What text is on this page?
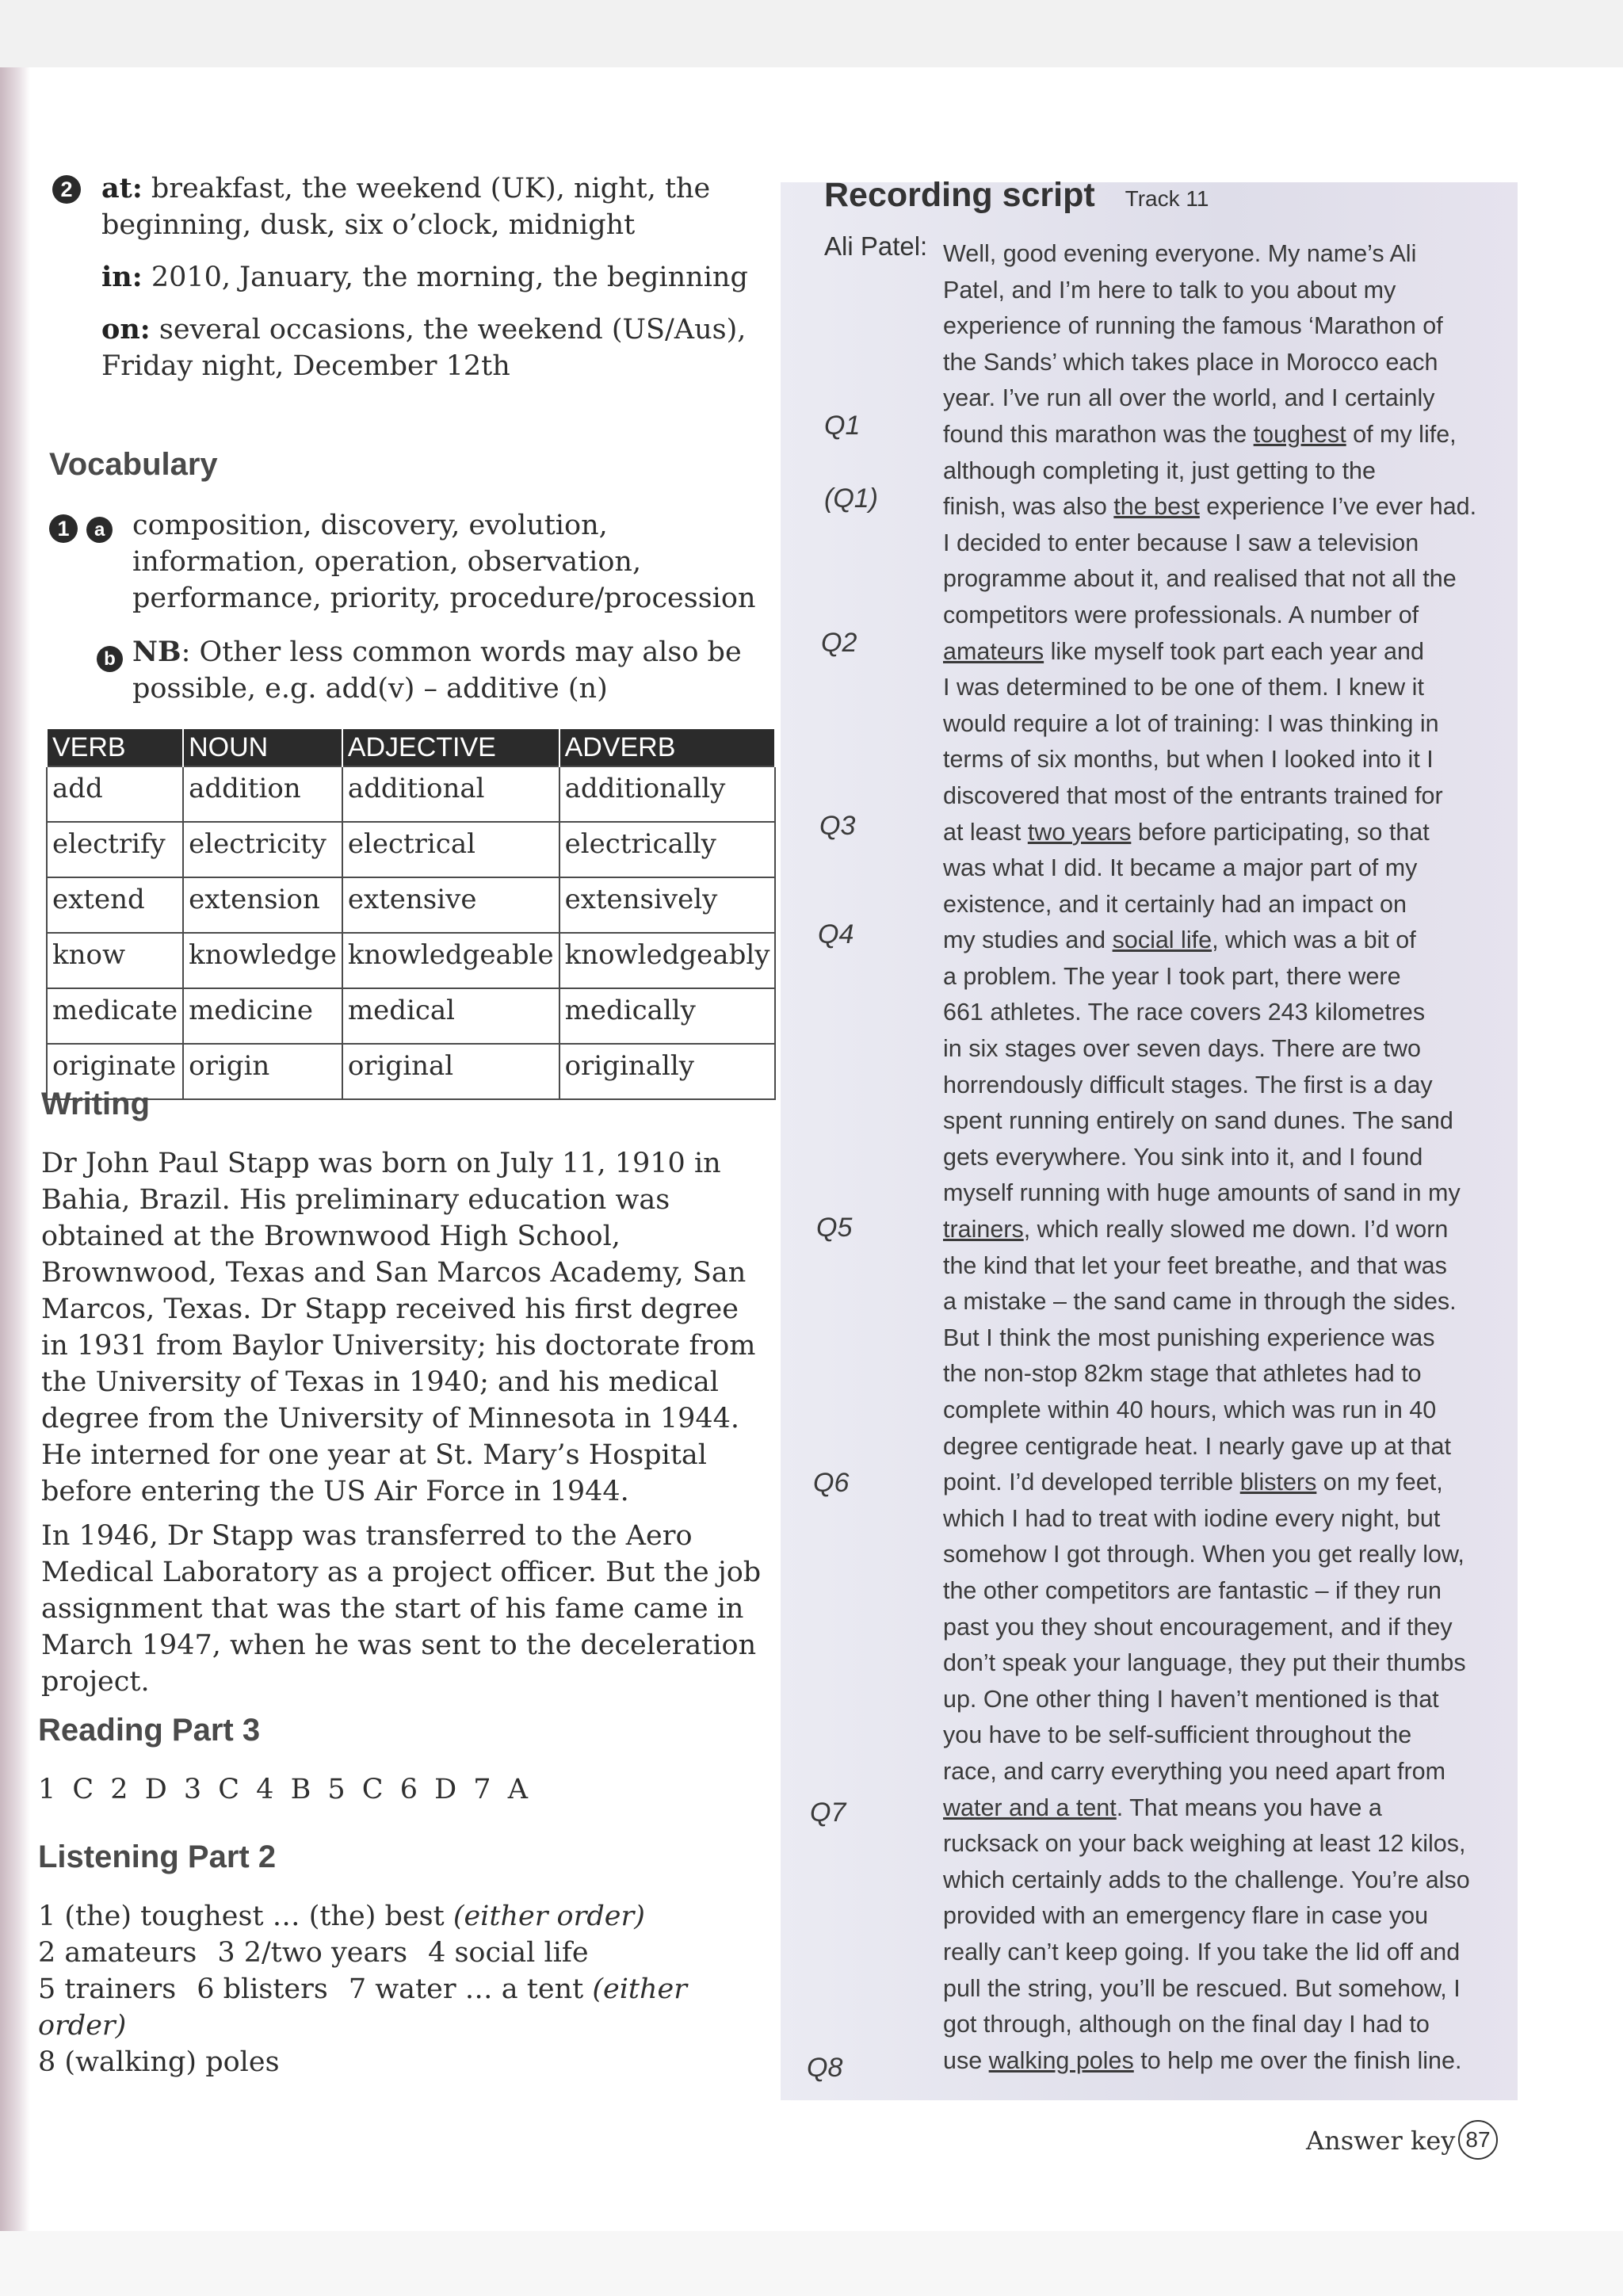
2 at: breakfast, the weekend (UK), night, the beginning, dusk, six o’clock, midnight

in: 2010, January, the morning, the beginning

on: several occasions, the weekend (US/Aus), Friday night, December 12th

Vocabulary
1 a composition, discovery, evolution, information, operation, observation, performance, priority, procedure/procession

b NB: Other less common words may also be possible, e.g. add(v) – additive (n)

VERB	NOUN	ADJECTIVE	ADVERB
add	addition	additional	additionally
electrify	electricity	electrical	electrically
extend	extension	extensive	extensively
know	knowledge	knowledgeable	knowledgeably
medicate	medicine	medical	medically
originate	origin	original	originally
Writing

Dr John Paul Stapp was born on July 11, 1910 in Bahia, Brazil. His preliminary education was obtained at the Brownwood High School, Brownwood, Texas and San Marcos Academy, San Marcos, Texas. Dr Stapp received his first degree in 1931 from Baylor University; his doctorate from the University of Texas in 1940; and his medical degree from the University of Minnesota in 1944. He interned for one year at St. Mary’s Hospital before entering the US Air Force in 1944.

In 1946, Dr Stapp was transferred to the Aero Medical Laboratory as a project officer. But the job assignment that was the start of his fame came in March 1947, when he was sent to the deceleration project.

Reading Part 3
1 C 2 D 3 C 4 B 5 C 6 D 7 A
Listening Part 2
1 (the) toughest … (the) best (either order)
2 amateurs 3 2/two years 4 social life
5 trainers 6 blisters 7 water … a tent (either order)
8 (walking) poles
Recording script Track 11
Ali Patel:
Q1
(Q1)
Q2
Q3
Q4
Q5
Q6
Q7
Q8
Well, good evening everyone. My name’s Ali
Patel, and I’m here to talk to you about my
experience of running the famous ‘Marathon of
the Sands’ which takes place in Morocco each
year. I’ve run all over the world, and I certainly
found this marathon was the toughest of my life,
although completing it, just getting to the
finish, was also the best experience I’ve ever had.
I decided to enter because I saw a television
programme about it, and realised that not all the
competitors were professionals. A number of
amateurs like myself took part each year and
I was determined to be one of them. I knew it
would require a lot of training: I was thinking in
terms of six months, but when I looked into it I
discovered that most of the entrants trained for
at least two years before participating, so that
was what I did. It became a major part of my
existence, and it certainly had an impact on
my studies and social life, which was a bit of
a problem. The year I took part, there were
661 athletes. The race covers 243 kilometres
in six stages over seven days. There are two
horrendously difficult stages. The first is a day
spent running entirely on sand dunes. The sand
gets everywhere. You sink into it, and I found
myself running with huge amounts of sand in my
trainers, which really slowed me down. I’d worn
the kind that let your feet breathe, and that was
a mistake – the sand came in through the sides.
But I think the most punishing experience was
the non-stop 82km stage that athletes had to
complete within 40 hours, which was run in 40
degree centigrade heat. I nearly gave up at that
point. I’d developed terrible blisters on my feet,
which I had to treat with iodine every night, but
somehow I got through. When you get really low,
the other competitors are fantastic – if they run
past you they shout encouragement, and if they
don’t speak your language, they put their thumbs
up. One other thing I haven’t mentioned is that
you have to be self-sufficient throughout the
race, and carry everything you need apart from
water and a tent. That means you have a
rucksack on your back weighing at least 12 kilos,
which certainly adds to the challenge. You’re also
provided with an emergency flare in case you
really can’t keep going. If you take the lid off and
pull the string, you’ll be rescued. But somehow, I
got through, although on the final day I had to
use walking poles to help me over the finish line.
Answer key 87
